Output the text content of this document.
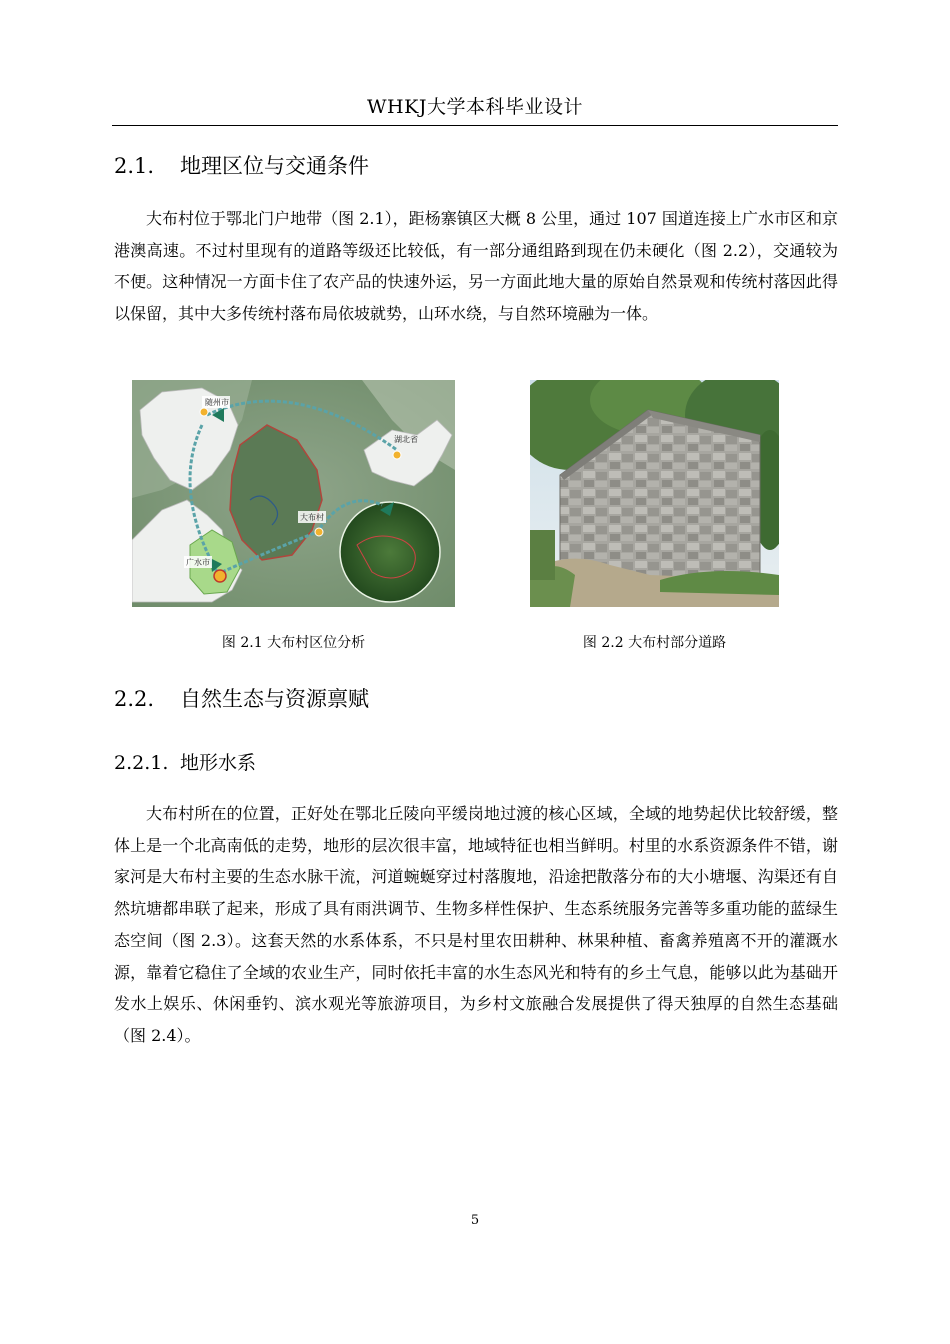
WHKJ大学本科毕业设计
2.1. 地理区位与交通条件

大布村位于鄂北门户地带（图 2.1），距杨寨镇区大概 8 公里，通过 107 国道连接上广水市区和京港澳高速。不过村里现有的道路等级还比较低，有一部分通组路到现在仍未硬化（图 2.2），交通较为不便。这种情况一方面卡住了农产品的快速外运，另一方面此地大量的原始自然景观和传统村落因此得以保留，其中大多传统村落布局依坡就势，山环水绕，与自然环境融为一体。

随州市
湖北省
大布村
广水市
图 2.1 大布村区位分析	图 2.2 大布村部分道路
2.2. 自然生态与资源禀赋
2.2.1. 地形水系

大布村所在的位置，正好处在鄂北丘陵向平缓岗地过渡的核心区域，全域的地势起伏比较舒缓，整体上是一个北高南低的走势，地形的层次很丰富，地域特征也相当鲜明。村里的水系资源条件不错，谢家河是大布村主要的生态水脉干流，河道蜿蜒穿过村落腹地，沿途把散落分布的大小塘堰、沟渠还有自然坑塘都串联了起来，形成了具有雨洪调节、生物多样性保护、生态系统服务完善等多重功能的蓝绿生态空间（图 2.3）。这套天然的水系体系，不只是村里农田耕种、林果种植、畜禽养殖离不开的灌溉水源，靠着它稳住了全域的农业生产，同时依托丰富的水生态风光和特有的乡土气息，能够以此为基础开发水上娱乐、休闲垂钓、滨水观光等旅游项目，为乡村文旅融合发展提供了得天独厚的自然生态基础（图 2.4）。

5
